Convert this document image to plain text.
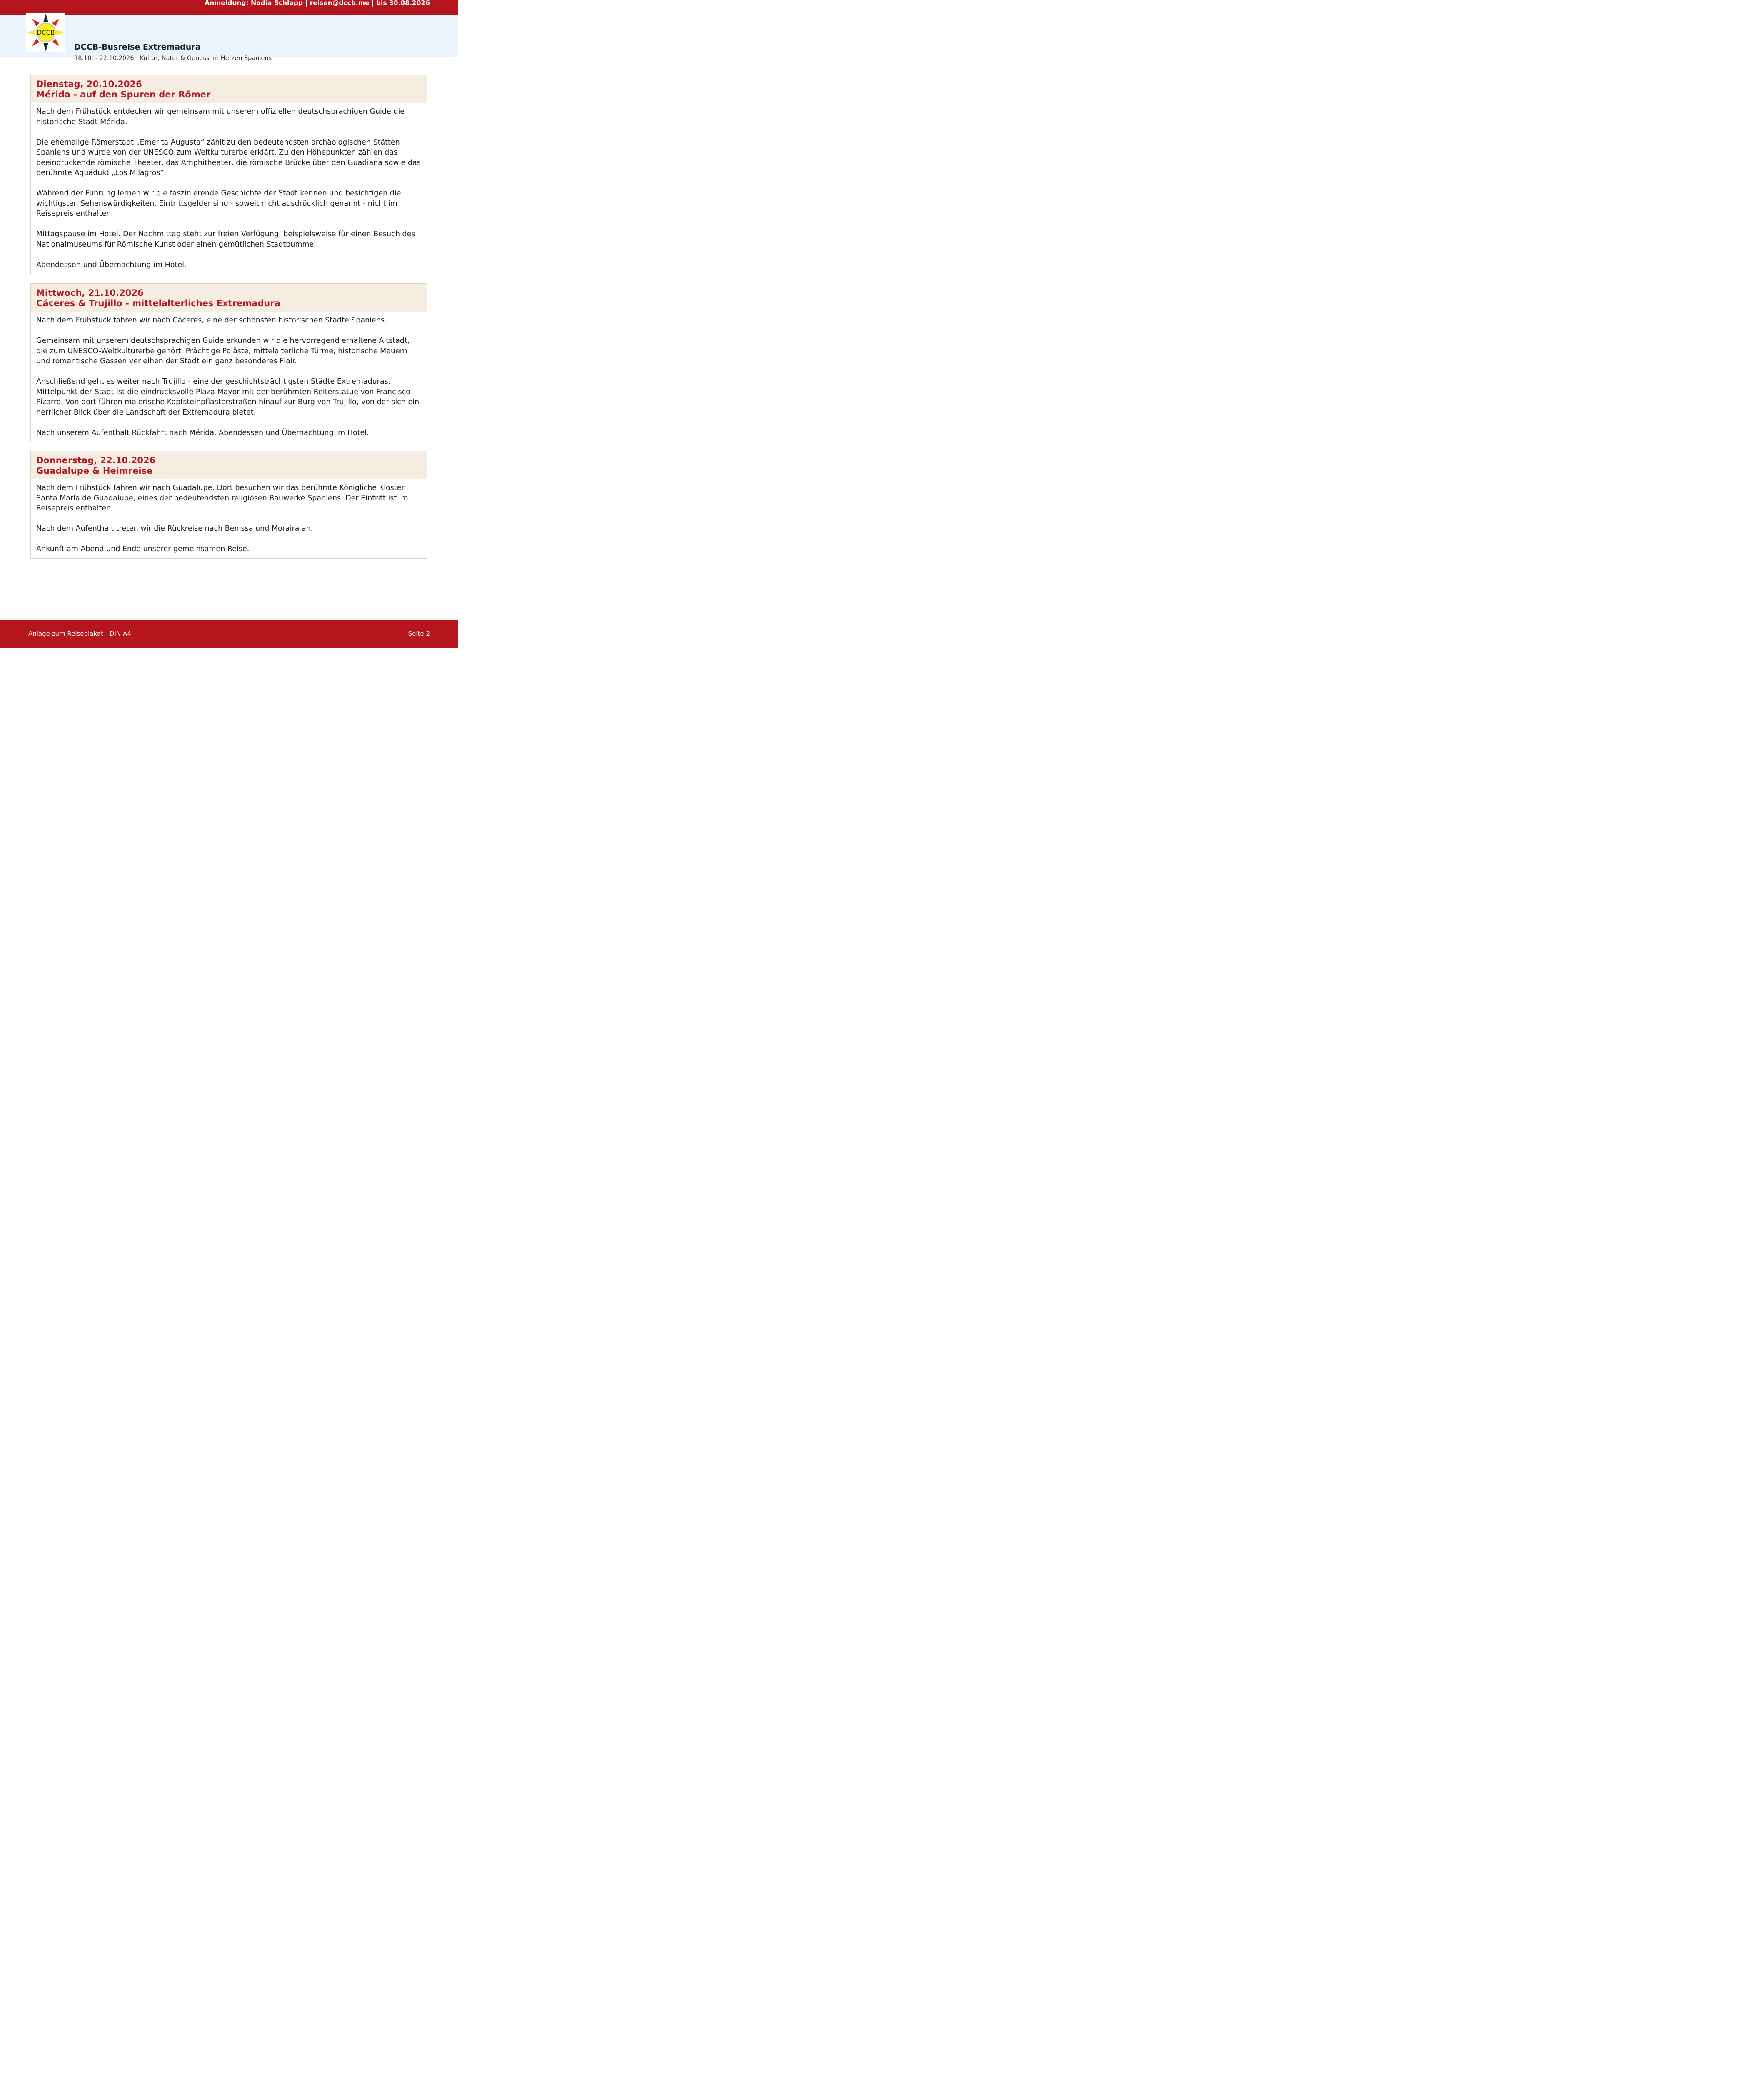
Anmeldung: Nadia Schlapp | reisen@dccb.me | bis 30.08.2026
DCCB-Busreise Extremadura
18.10. - 22.10.2026 | Kultur, Natur & Genuss im Herzen Spaniens
DCCB
Dienstag, 20.10.2026
Mérida - auf den Spuren der Römer

Nach dem Frühstück entdecken wir gemeinsam mit unserem offiziellen deutschsprachigen Guide die historische Stadt Mérida.

Die ehemalige Römerstadt „Emerita Augusta“ zählt zu den bedeutendsten archäologischen Stätten Spaniens und wurde von der UNESCO zum Weltkulturerbe erklärt. Zu den Höhepunkten zählen das beeindruckende römische Theater, das Amphitheater, die römische Brücke über den Guadiana sowie das berühmte Aquädukt „Los Milagros“.

Während der Führung lernen wir die faszinierende Geschichte der Stadt kennen und besichtigen die wichtigsten Sehenswürdigkeiten. Eintrittsgelder sind - soweit nicht ausdrücklich genannt - nicht im Reisepreis enthalten.

Mittagspause im Hotel. Der Nachmittag steht zur freien Verfügung, beispielsweise für einen Besuch des Nationalmuseums für Römische Kunst oder einen gemütlichen Stadtbummel.

Abendessen und Übernachtung im Hotel.

Mittwoch, 21.10.2026
Cáceres & Trujillo - mittelalterliches Extremadura

Nach dem Frühstück fahren wir nach Cáceres, eine der schönsten historischen Städte Spaniens.

Gemeinsam mit unserem deutschsprachigen Guide erkunden wir die hervorragend erhaltene Altstadt, die zum UNESCO-Weltkulturerbe gehört. Prächtige Paläste, mittelalterliche Türme, historische Mauern und romantische Gassen verleihen der Stadt ein ganz besonderes Flair.

Anschließend geht es weiter nach Trujillo - eine der geschichtsträchtigsten Städte Extremaduras. Mittelpunkt der Stadt ist die eindrucksvolle Plaza Mayor mit der berühmten Reiterstatue von Francisco Pizarro. Von dort führen malerische Kopfsteinpflasterstraßen hinauf zur Burg von Trujillo, von der sich ein herrlicher Blick über die Landschaft der Extremadura bietet.

Nach unserem Aufenthalt Rückfahrt nach Mérida. Abendessen und Übernachtung im Hotel.

Donnerstag, 22.10.2026
Guadalupe & Heimreise

Nach dem Frühstück fahren wir nach Guadalupe. Dort besuchen wir das berühmte Königliche Kloster Santa María de Guadalupe, eines der bedeutendsten religiösen Bauwerke Spaniens. Der Eintritt ist im Reisepreis enthalten.

Nach dem Aufenthalt treten wir die Rückreise nach Benissa und Moraira an.

Ankunft am Abend und Ende unserer gemeinsamen Reise.

Anlage zum Reiseplakat - DIN A4	Seite 2
